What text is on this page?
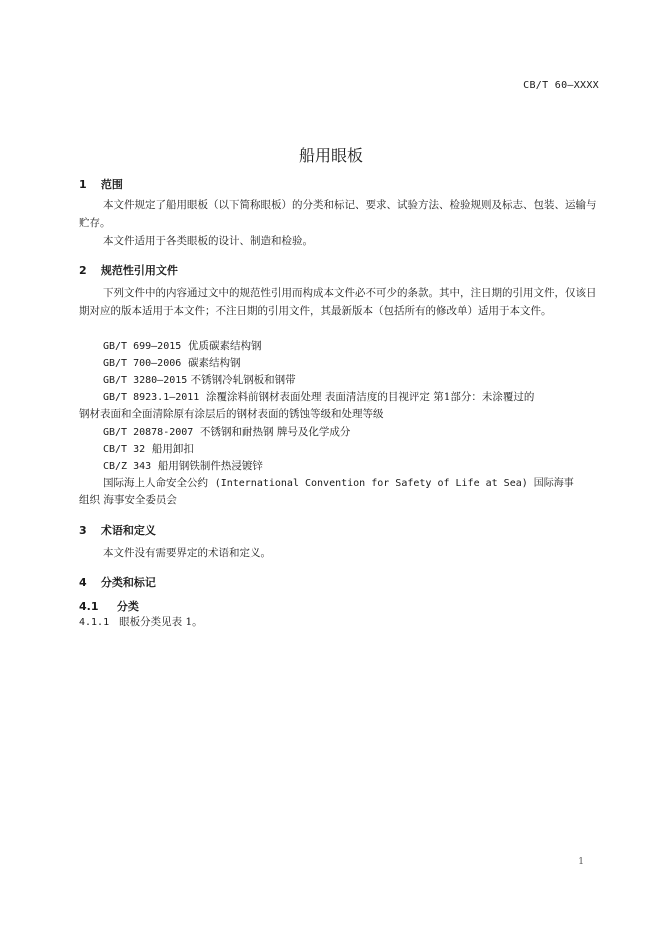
CB/T 60—XXXX
船用眼板
1 范围
本文件规定了船用眼板（以下简称眼板）的分类和标记、要求、试验方法、检验规则及标志、包装、运输与贮存。
本文件适用于各类眼板的设计、制造和检验。
2 规范性引用文件
下列文件中的内容通过文中的规范性引用而构成本文件必不可少的条款。其中，注日期的引用文件，仅该日期对应的版本适用于本文件；不注日期的引用文件，其最新版本（包括所有的修改单）适用于本文件。
GB/T 699—2015 优质碳素结构钢
GB/T 700—2006 碳素结构钢
GB/T 3280—2015 不锈钢冷轧钢板和钢带
GB/T 8923.1—2011 涂覆涂料前钢材表面处理 表面清洁度的目视评定 第1部分：未涂覆过的
钢材表面和全面清除原有涂层后的钢材表面的锈蚀等级和处理等级
GB/T 20878-2007 不锈钢和耐热钢 牌号及化学成分
CB/T 32 船用卸扣
CB/Z 343 船用钢铁制件热浸镀锌
国际海上人命安全公约 (International Convention for Safety of Life at Sea) 国际海事
组织 海事安全委员会
3 术语和定义
本文件没有需要界定的术语和定义。
4 分类和标记
4.1 分类
4.1.1 眼板分类见表 1。
1
